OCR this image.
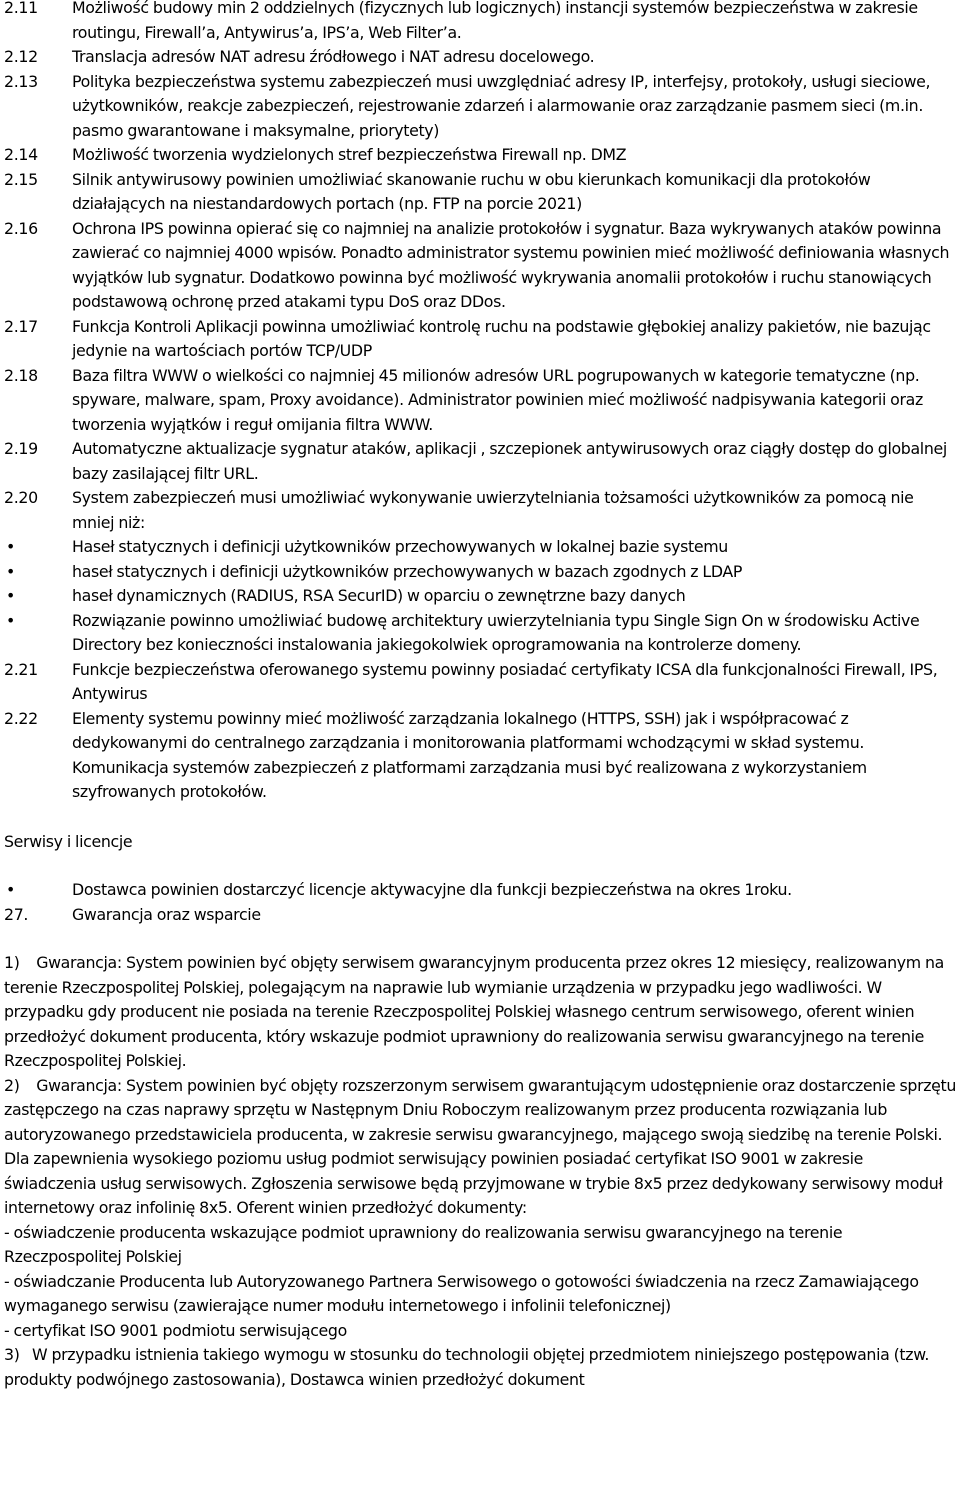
2.11	Możliwość budowy min 2 oddzielnych (fizycznych lub logicznych) instancji systemów bezpieczeństwa w zakresie routingu, Firewall’a, Antywirus’a, IPS’a, Web Filter’a.
2.12	Translacja adresów NAT adresu źródłowego i NAT adresu docelowego.
2.13	Polityka bezpieczeństwa systemu zabezpieczeń musi uwzględniać adresy IP, interfejsy, protokoły, usługi sieciowe, użytkowników, reakcje zabezpieczeń, rejestrowanie zdarzeń i alarmowanie oraz zarządzanie pasmem sieci (m.in. pasmo gwarantowane i maksymalne, priorytety)
2.14	Możliwość tworzenia wydzielonych stref bezpieczeństwa Firewall np. DMZ
2.15	Silnik antywirusowy powinien umożliwiać skanowanie ruchu w obu kierunkach komunikacji dla protokołów działających na niestandardowych portach (np. FTP na porcie 2021)
2.16	Ochrona IPS powinna opierać się co najmniej na analizie protokołów i sygnatur. Baza wykrywanych ataków powinna zawierać co najmniej 4000 wpisów. Ponadto administrator systemu powinien mieć możliwość definiowania własnych wyjątków lub sygnatur. Dodatkowo powinna być możliwość wykrywania anomalii protokołów i ruchu stanowiących podstawową ochronę przed atakami typu DoS oraz DDos.
2.17	Funkcja Kontroli Aplikacji powinna umożliwiać kontrolę ruchu na podstawie głębokiej analizy pakietów, nie bazując jedynie na wartościach portów TCP/UDP
2.18	Baza filtra WWW o wielkości co najmniej 45 milionów adresów URL pogrupowanych w kategorie tematyczne (np. spyware, malware, spam, Proxy avoidance). Administrator powinien mieć możliwość nadpisywania kategorii oraz tworzenia wyjątków i reguł omijania filtra WWW.
2.19	Automatyczne aktualizacje sygnatur ataków, aplikacji , szczepionek antywirusowych oraz ciągły dostęp do globalnej bazy zasilającej filtr URL.
2.20	System zabezpieczeń musi umożliwiać wykonywanie uwierzytelniania tożsamości użytkowników za pomocą nie mniej niż:
•	Haseł statycznych i definicji użytkowników przechowywanych w lokalnej bazie systemu
•	haseł statycznych i definicji użytkowników przechowywanych w bazach zgodnych z LDAP
•	haseł dynamicznych (RADIUS, RSA SecurID) w oparciu o zewnętrzne bazy danych
•	Rozwiązanie powinno umożliwiać budowę architektury uwierzytelniania typu Single Sign On w środowisku Active Directory bez konieczności instalowania jakiegokolwiek oprogramowania na kontrolerze domeny.
2.21	Funkcje bezpieczeństwa oferowanego systemu powinny posiadać certyfikaty ICSA dla funkcjonalności Firewall, IPS, Antywirus
2.22	Elementy systemu powinny mieć możliwość zarządzania lokalnego (HTTPS, SSH) jak i współpracować z dedykowanymi do centralnego zarządzania i monitorowania platformami wchodzącymi w skład systemu. Komunikacja systemów zabezpieczeń z platformami zarządzania musi być realizowana z wykorzystaniem szyfrowanych protokołów.
Serwisy i licencje
•	Dostawca powinien dostarczyć licencje aktywacyjne dla funkcji bezpieczeństwa na okres 1roku.
27.	Gwarancja oraz wsparcie
1)    Gwarancja: System powinien być objęty serwisem gwarancyjnym producenta przez okres 12 miesięcy, realizowanym na terenie Rzeczpospolitej Polskiej, polegającym na naprawie lub wymianie urządzenia w przypadku jego wadliwości. W przypadku gdy producent nie posiada na terenie Rzeczpospolitej Polskiej własnego centrum serwisowego, oferent winien przedłożyć dokument producenta, który wskazuje podmiot uprawniony do realizowania serwisu gwarancyjnego na terenie Rzeczpospolitej Polskiej.
2)    Gwarancja: System powinien być objęty rozszerzonym serwisem gwarantującym udostępnienie oraz dostarczenie sprzętu zastępczego na czas naprawy sprzętu w Następnym Dniu Roboczym realizowanym przez producenta rozwiązania lub autoryzowanego przedstawiciela producenta, w zakresie serwisu gwarancyjnego, mającego swoją siedzibę na terenie Polski.
Dla zapewnienia wysokiego poziomu usług podmiot serwisujący powinien posiadać certyfikat ISO 9001 w zakresie świadczenia usług serwisowych. Zgłoszenia serwisowe będą przyjmowane w trybie 8x5 przez dedykowany serwisowy moduł internetowy oraz infolinię 8x5. Oferent winien przedłożyć dokumenty:
- oświadczenie producenta wskazujące podmiot uprawniony do realizowania serwisu gwarancyjnego na terenie Rzeczpospolitej Polskiej
- oświadczanie Producenta lub Autoryzowanego Partnera Serwisowego o gotowości świadczenia na rzecz Zamawiającego wymaganego serwisu (zawierające numer modułu internetowego i infolinii telefonicznej)
- certyfikat ISO 9001 podmiotu serwisującego
3)   W przypadku istnienia takiego wymogu w stosunku do technologii objętej przedmiotem niniejszego postępowania (tzw. produkty podwójnego zastosowania), Dostawca winien przedłożyć dokument
